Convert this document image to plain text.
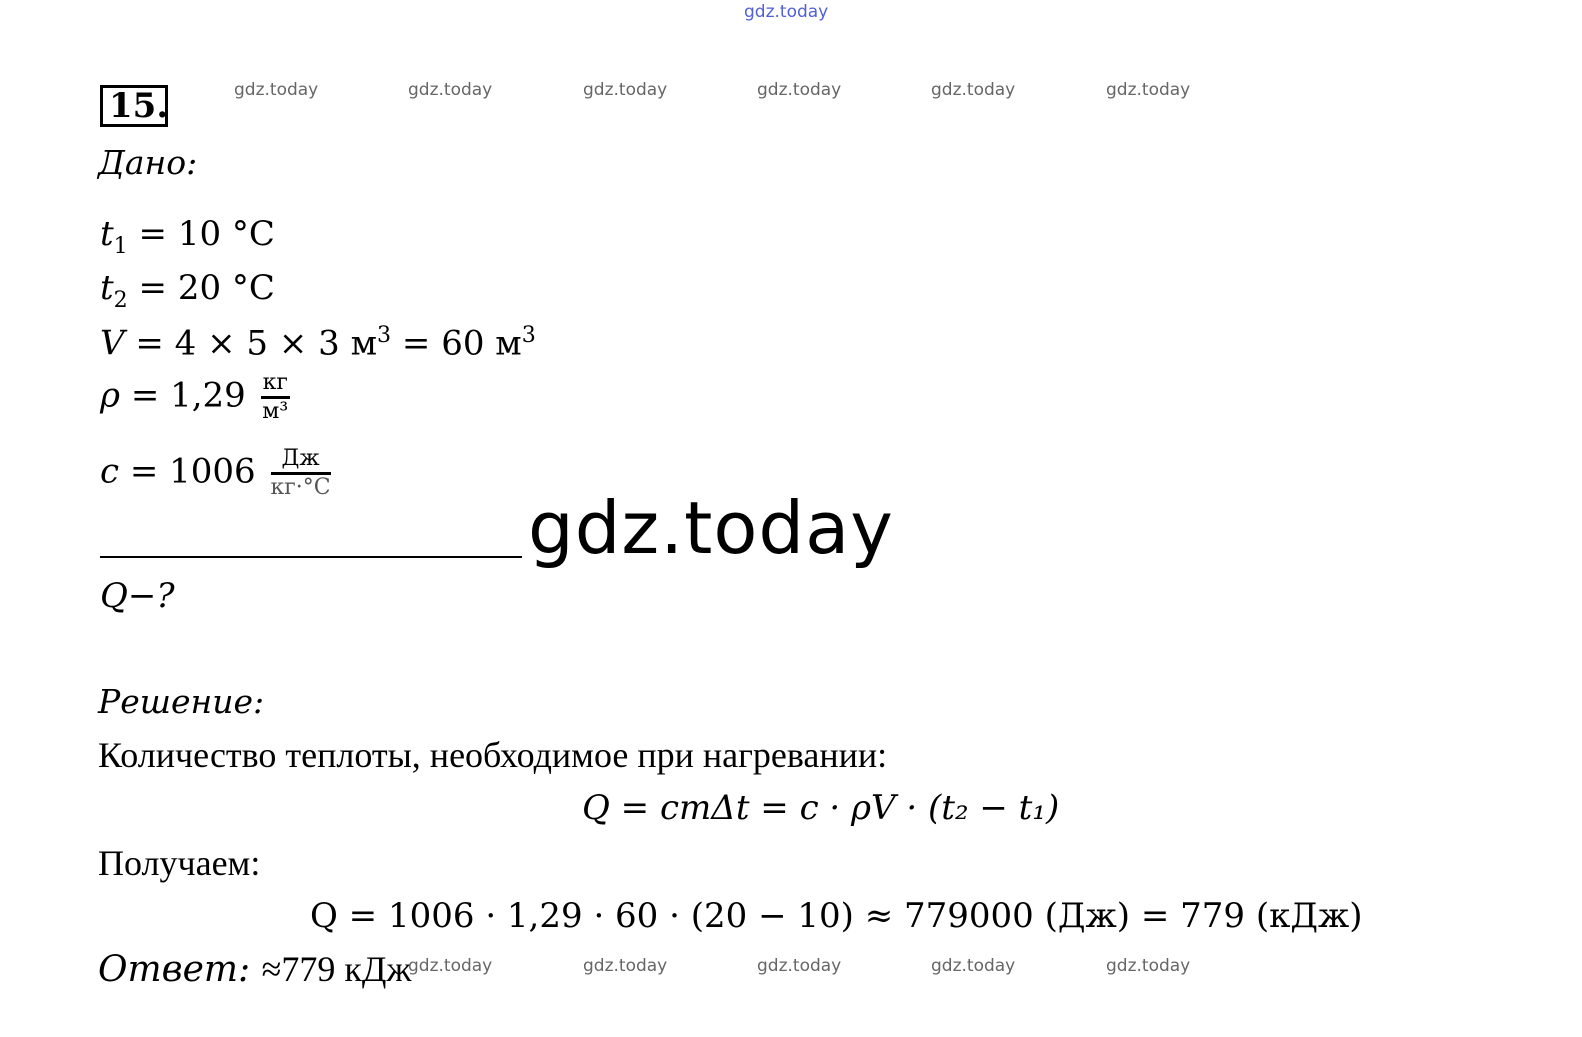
gdz.today
gdz.today	gdz.today	gdz.today	gdz.today	gdz.today	gdz.today
15.
Дано:
$t_1 = 10$ °C
$t_2 = 20$ °C
V = 4 × 5 × 3 $м^3 = 60$ $м^3$
$\rho = 1,29 \frac{кг}{\text{м³}}$
$c = 1006 \frac{Дж}{кг\cdot^\circ С}$
gdz.today
Q−?
Решение:
Количество теплоты, необходимое при нагревании:
Q = cmΔt = c · ρV · (t₂ − t₁)
Получаем:
Q = 1006 · 1,29 · 60 · (20 − 10) ≈ 779000 (Дж) = 779 (кДж)
Ответ: ≈779 кДж
gdz.today	gdz.today	gdz.today	gdz.today	gdz.today
